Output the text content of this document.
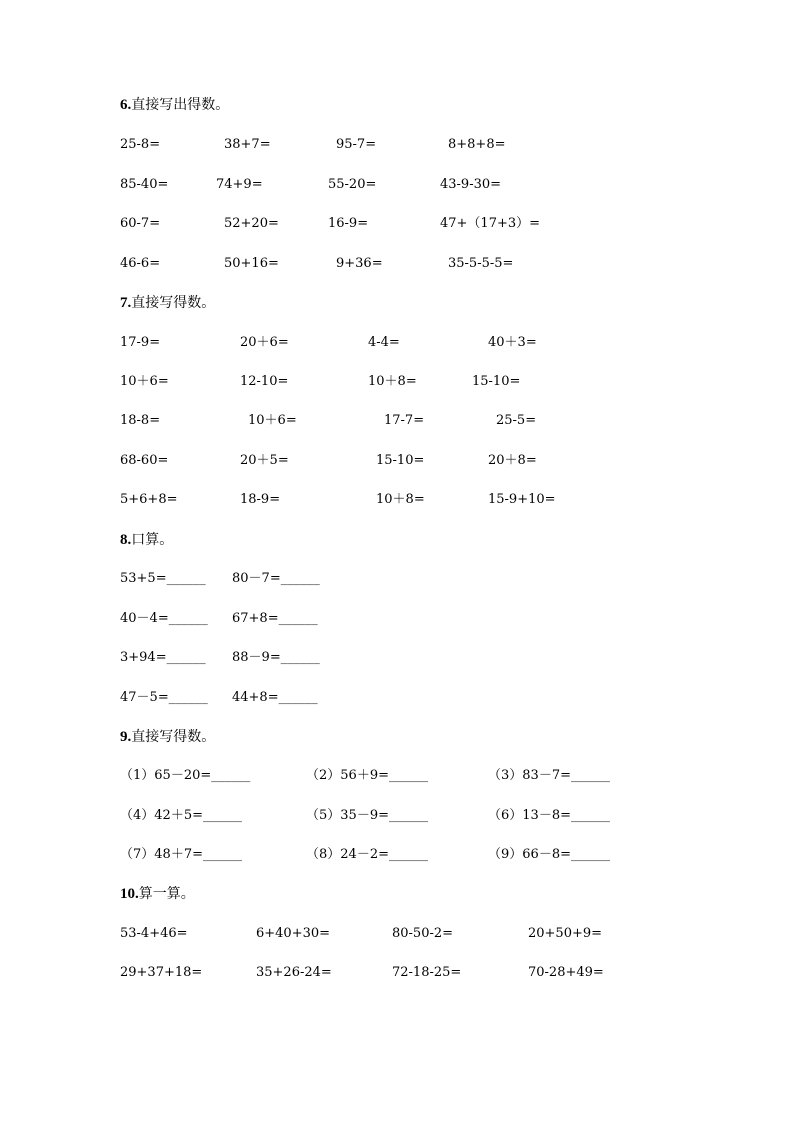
6.直接写出得数。
25-8=	38+7=	95-7=	8+8+8=
85-40=	74+9=	55-20=	43-9-30=
60-7=	52+20=	16-9=	47+（17+3）=
46-6=	50+16=	9+36=	35-5-5-5=
7.直接写得数。
17-9=	20＋6=	4-4=	40＋3=
10＋6=	12-10=	10＋8=	15-10=
18-8=	10＋6=	17-7=	25-5=
68-60=	20＋5=	15-10=	20＋8=
5+6+8=	18-9=	10＋8=	15-9+10=
8.口算。
53+5=______ 80－7=______
40－4=______ 67+8=______
3+94=______ 88－9=______
47－5=______ 44+8=______
9.直接写得数。
（1）65－20=______	（2）56＋9=______	（3）83－7=______
（4）42＋5=______	（5）35－9=______	（6）13－8=______
（7）48＋7=______	（8）24－2=______	（9）66－8=______
10.算一算。
53-4+46=	6+40+30=	80-50-2=	20+50+9=
29+37+18=	35+26-24=	72-18-25=	70-28+49=
